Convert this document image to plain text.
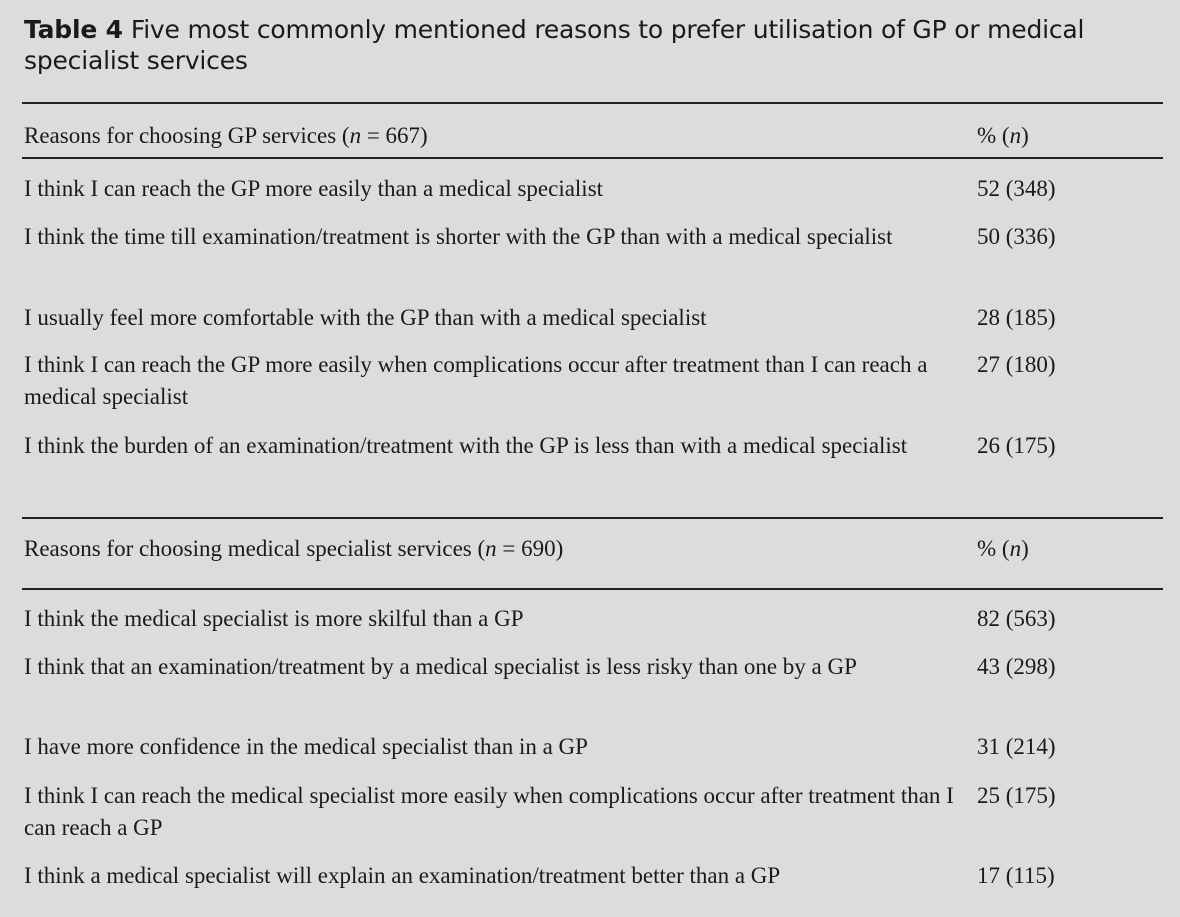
Table 4 Five most commonly mentioned reasons to prefer utilisation of GP or medical specialist services
Reasons for choosing GP services (n = 667)	% (n)
I think I can reach the GP more easily than a medical specialist	52 (348)
I think the time till examination/treatment is shorter with the GP than with a medical specialist	50 (336)
I usually feel more comfortable with the GP than with a medical specialist	28 (185)
I think I can reach the GP more easily when complications occur after treatment than I can reach a medical specialist
27 (180)
I think the burden of an examination/treatment with the GP is less than with a medical specialist	26 (175)
Reasons for choosing medical specialist services (n = 690)	% (n)
I think the medical specialist is more skilful than a GP	82 (563)
I think that an examination/treatment by a medical specialist is less risky than one by a GP	43 (298)
I have more confidence in the medical specialist than in a GP	31 (214)
I think I can reach the medical specialist more easily when complications occur after treatment than I can reach a GP
25 (175)
I think a medical specialist will explain an examination/treatment better than a GP	17 (115)
